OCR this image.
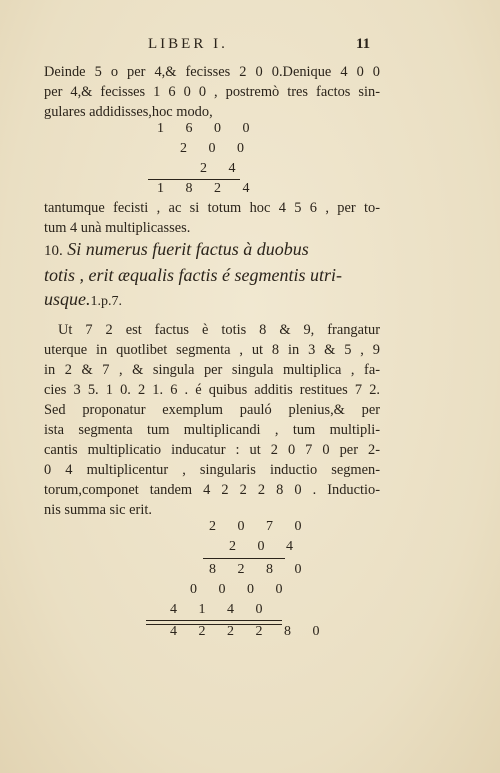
LIBER I.	11
Deinde 5 o per 4,& fecisses 2 0 0.Denique 4 0 0
per 4,& fecisses 1 6 0 0 , postremò tres factos sin-
gulares addidisses,hoc modo,
1 6 0 0
2 0 0
2 4
1 8 2 4
tantumque fecisti , ac si totum hoc 4 5 6 , per to-
tum 4 unà multiplicasses.
10. Si numerus fuerit factus à duobus
totis , erit æqualis factis é segmentis utri-
usque.1.p.7.
Ut 7 2 est factus è totis 8 & 9, frangatur
uterque in quotlibet segmenta , ut 8 in 3 & 5 , 9
in 2 & 7 , & singula per singula multiplica , fa-
cies 3 5. 1 0. 2 1. 6 . é quibus additis restitues 7 2.
Sed proponatur exemplum pauló plenius,& per
ista segmenta tum multiplicandi , tum multipli-
cantis multiplicatio inducatur : ut 2 0 7 0 per 2-
0 4 multiplicentur , singularis inductio segmen-
torum,componet tandem 4 2 2 2 8 0 . Inductio-
nis summa sic erit.
2 0 7 0
2 0 4
8 2 8 0
0 0 0 0
4 1 4 0
4 2 2 2 8 0
